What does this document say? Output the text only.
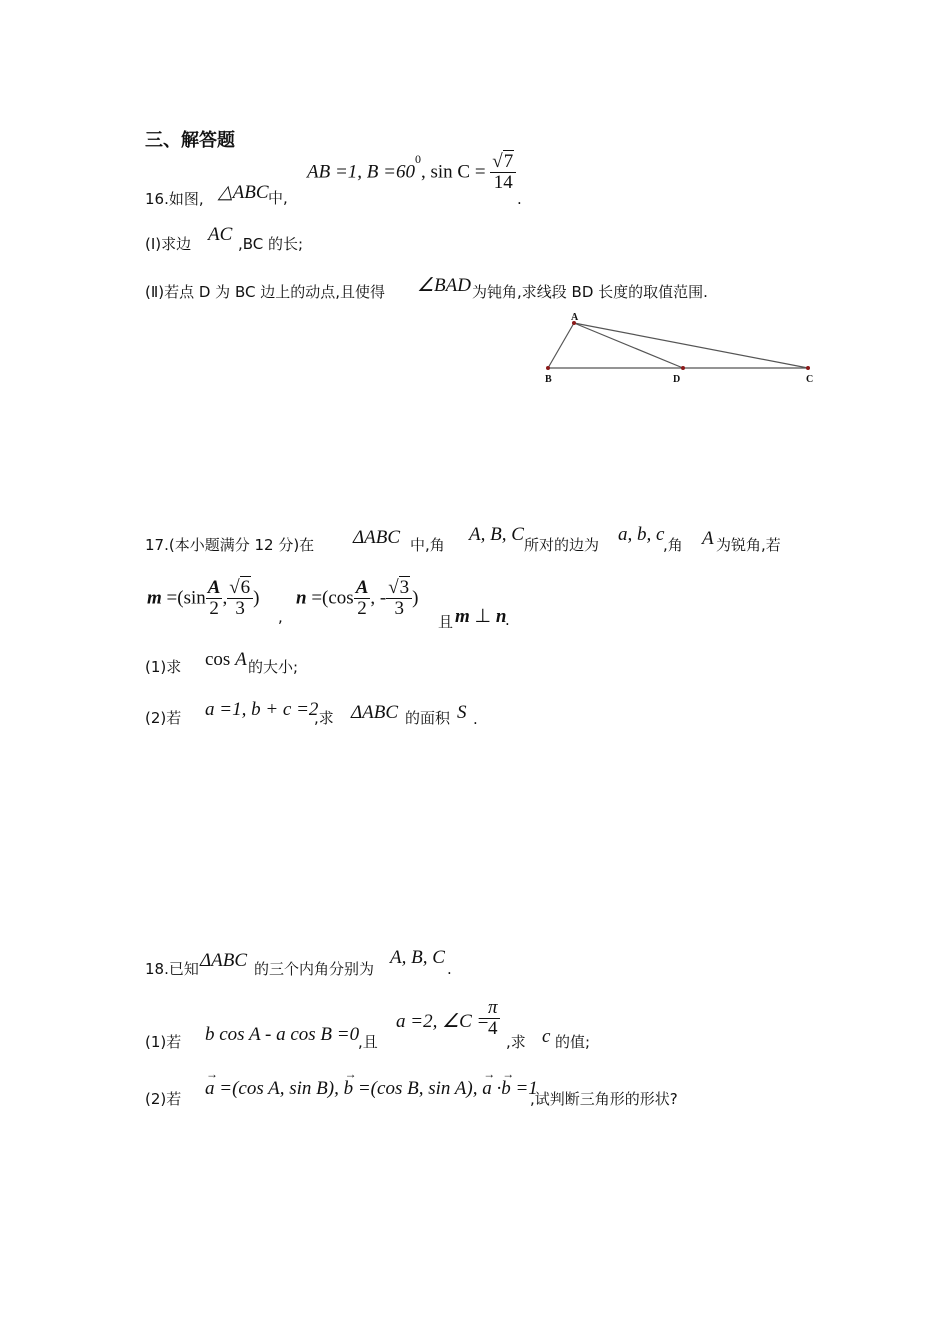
三、解答题
16.如图, △ABC 中,
AB =1, $B =60^0$, $\sin C = \frac{√7}{14}$
.
(Ⅰ)求边 AC ,BC 的长;
(Ⅱ)若点 D 为 BC 边上的动点,且使得 ∠BAD 为钝角,求线段 BD 长度的取值范围.
A
B	D	C
17.(本小题满分 12 分)在 ΔABC 中,角 A, B, C 所对的边为 a, b, c
,角 A 为锐角,若
$m =(\sin \frac{A}{2}$ , $\frac{√6}{3}$ )
,
$n =(\cos \frac{A}{2}$ , - $\frac{√3}{3}$ )
且 m ⊥ n
.
(1)求 cos A 的大小;
(2)若 a =1, b + c =2
,求 ΔABC 的面积 S .
18.已知 ΔABC 的三个内角分别为
A, B, C
.
(1)若 b cos A - a cos B =0
,且
a =2, ∠C =
$\frac{\pi}{4}$
,求 c 的值;
(2)若
→ a =(cos A, sin B), → b =(cos B, sin A), → a ·→ b =1
,试判断三角形的形状?
